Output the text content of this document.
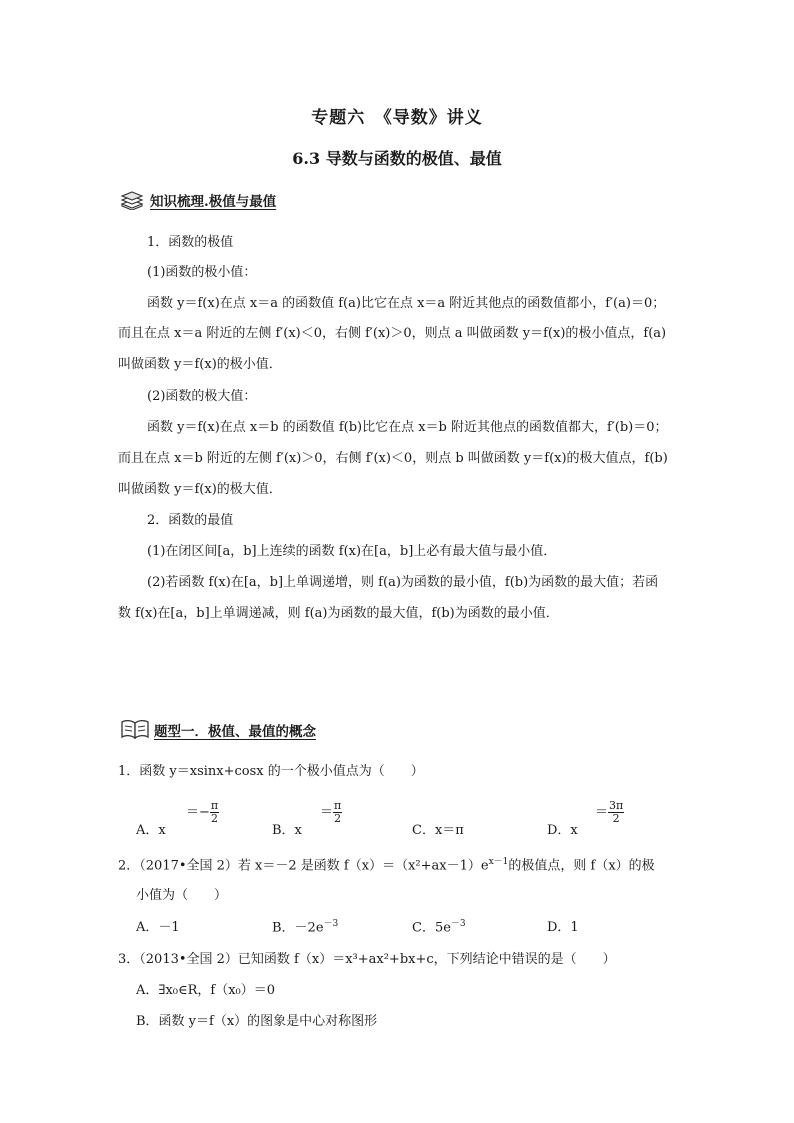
专题六　《导数》讲义
6.3 导数与函数的极值、最值
知识梳理.极值与最值
1．函数的极值
(1)函数的极小值：
函数 y＝f(x)在点 x＝a 的函数值 f(a)比它在点 x＝a 附近其他点的函数值都小，f′(a)＝0；
而且在点 x＝a 附近的左侧 f′(x)＜0，右侧 f′(x)＞0，则点 a 叫做函数 y＝f(x)的极小值点，f(a)
叫做函数 y＝f(x)的极小值．
(2)函数的极大值：
函数 y＝f(x)在点 x＝b 的函数值 f(b)比它在点 x＝b 附近其他点的函数值都大，f′(b)＝0；
而且在点 x＝b 附近的左侧 f′(x)＞0，右侧 f′(x)＜0，则点 b 叫做函数 y＝f(x)的极大值点，f(b)
叫做函数 y＝f(x)的极大值．
2．函数的最值
(1)在闭区间[a，b]上连续的函数 f(x)在[a，b]上必有最大值与最小值．
(2)若函数 f(x)在[a，b]上单调递增，则 f(a)为函数的最小值，f(b)为函数的最大值；若函
数 f(x)在[a，b]上单调递减，则 f(a)为函数的最大值，f(b)为函数的最小值．
题型一．极值、最值的概念
1．函数 y＝xsinx+cosx 的一个极小值点为（　　）
A．x
＝− $\frac{\pi}{2}$
B．x
＝ $\frac{\pi}{2}$
C．x＝π	D．x
＝ $\frac{3\pi}{2}$
2．（2017•全国 2）若 x＝－2 是函数 $f(x)=(x^2+ax-1)e^{x-1}$的极值点，则 f（x）的极
小值为（　　）
A．－1	B．$-2e^{-3}$	C．$5e^{-3}$	D．1
3．（2013•全国 2）已知函数 f（x）＝x³+ax²+bx+c，下列结论中错误的是（　　）
A．∃x₀∈R，f（x₀）＝0
B．函数 y＝f（x）的图象是中心对称图形
